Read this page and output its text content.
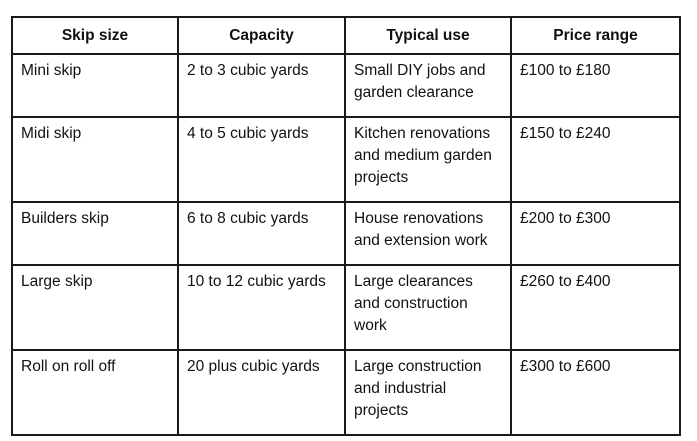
Skip size	Capacity	Typical use	Price range

Mini skip	2 to 3 cubic yards	Small DIY jobs and garden clearance	£100 to £180

Midi skip	4 to 5 cubic yards	Kitchen renovations and medium garden projects	£150 to £240

Builders skip	6 to 8 cubic yards	House renovations and extension work	£200 to £300

Large skip	10 to 12 cubic yards	Large clearances and construction work	£260 to £400

Roll on roll off	20 plus cubic yards	Large construction and industrial projects	£300 to £600
